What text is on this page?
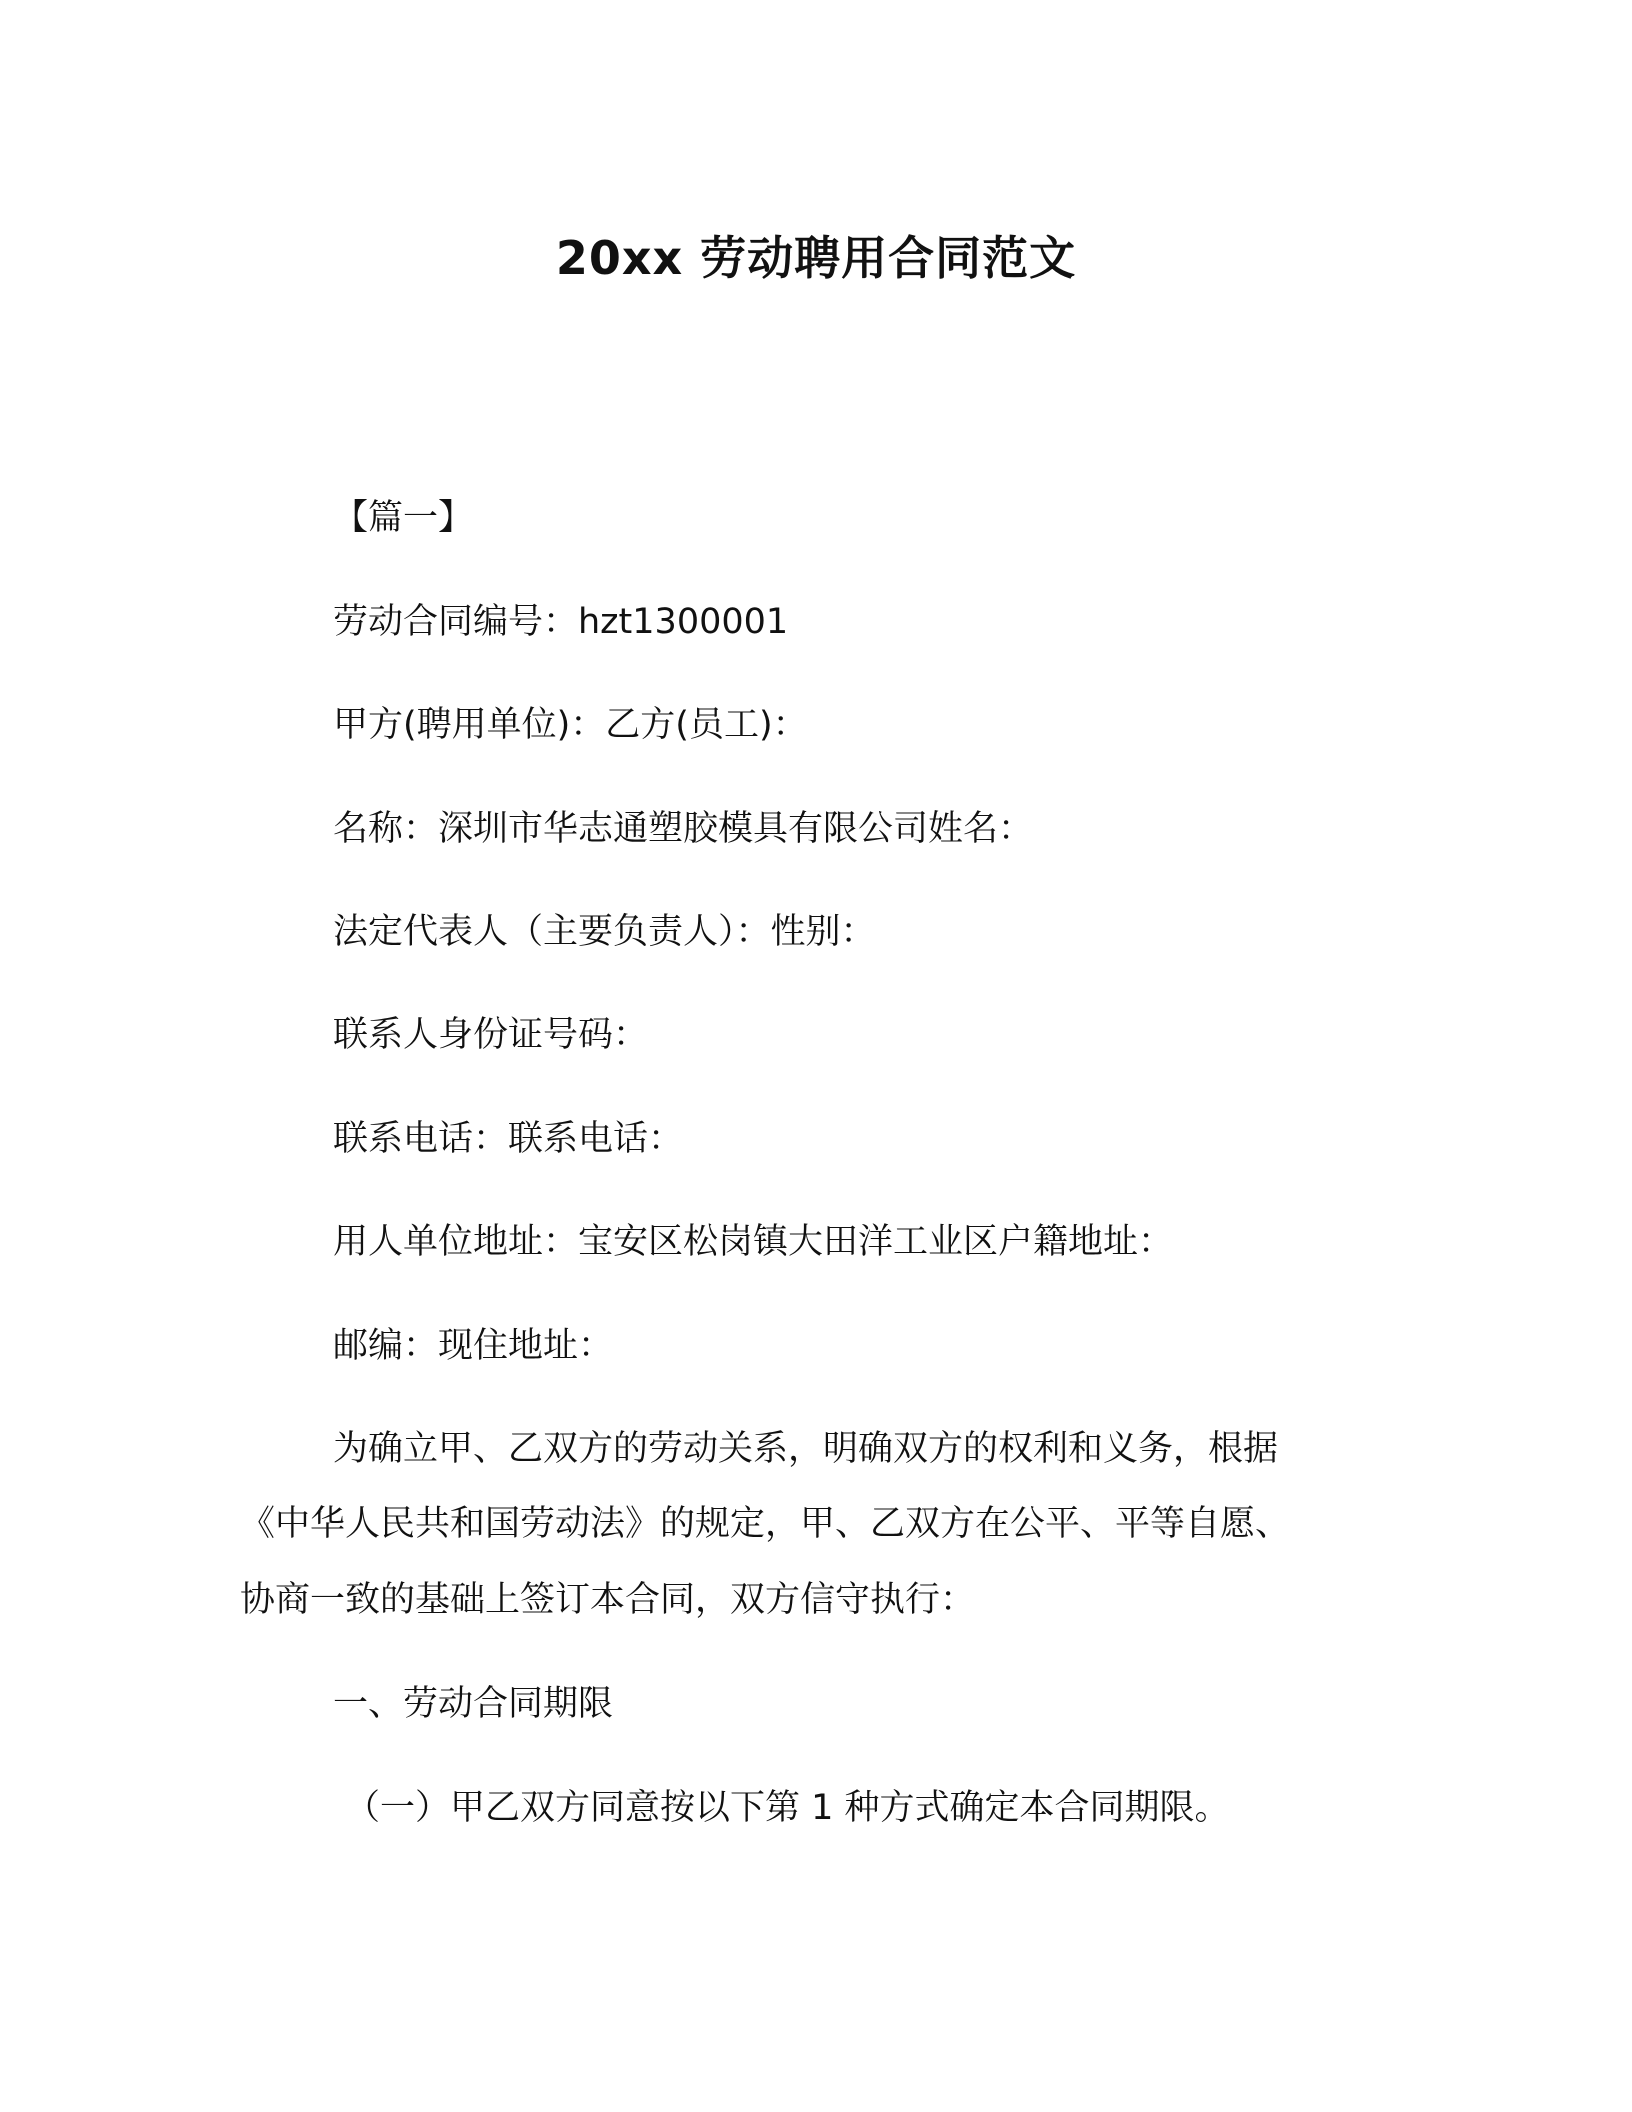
20xx 劳动聘用合同范文
【篇一】
劳动合同编号：hzt1300001
甲方(聘用单位)：乙方(员工)：
名称：深圳市华志通塑胶模具有限公司姓名：
法定代表人（主要负责人）：性别：
联系人身份证号码：
联系电话：联系电话：
用人单位地址：宝安区松岗镇大田洋工业区户籍地址：
邮编：现住地址：
为确立甲、乙双方的劳动关系，明确双方的权利和义务，根据
《中华人民共和国劳动法》的规定，甲、乙双方在公平、平等自愿、
协商一致的基础上签订本合同，双方信守执行：
一、劳动合同期限
（一）甲乙双方同意按以下第 1 种方式确定本合同期限。
